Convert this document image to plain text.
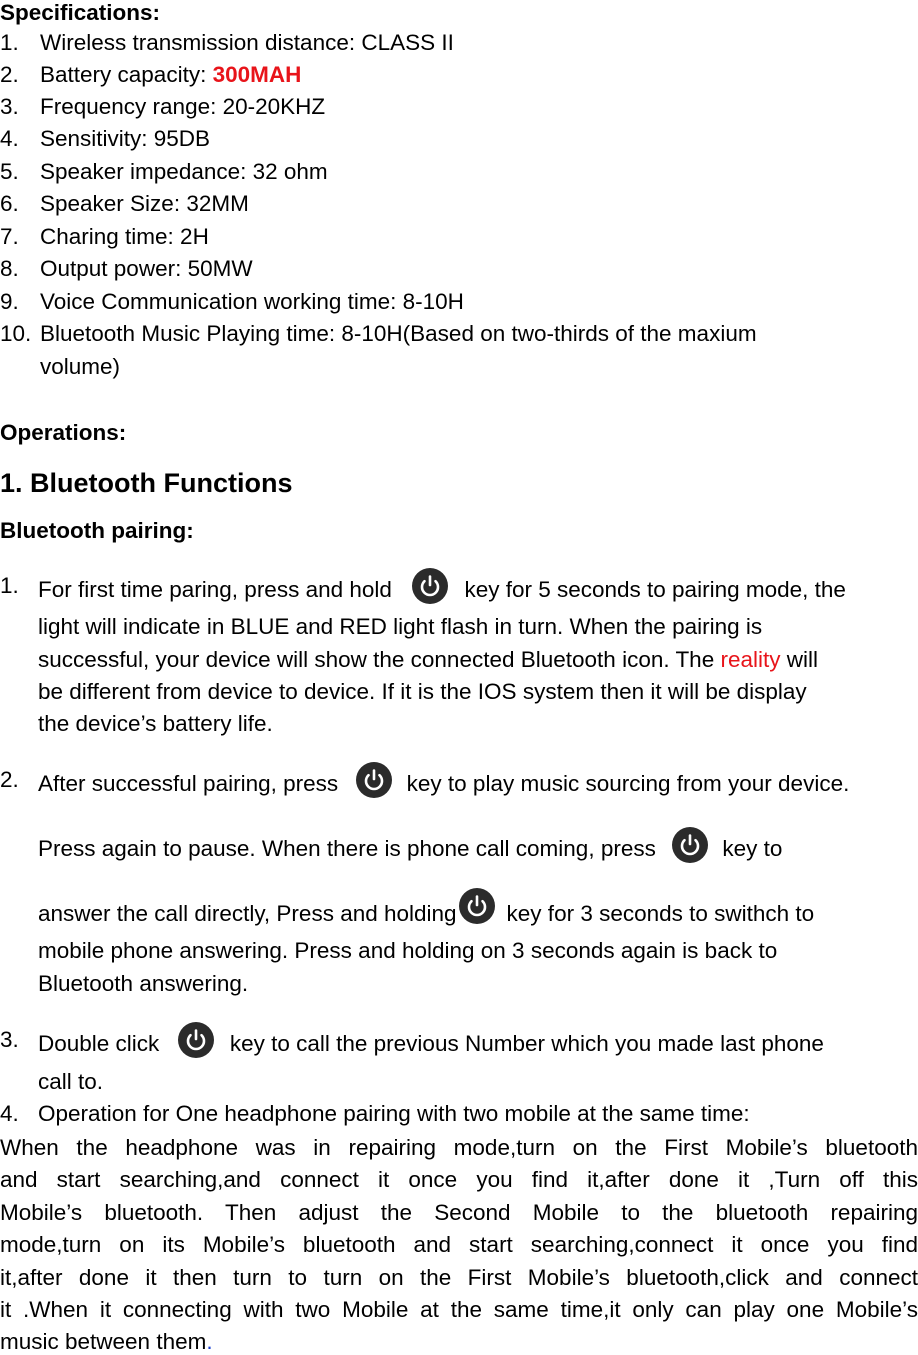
Specifications:
1. Wireless transmission distance: CLASS II
2. Battery capacity: 300MAH
3. Frequency range: 20-20KHZ
4. Sensitivity: 95DB
5. Speaker impedance: 32 ohm
6. Speaker Size: 32MM
7. Charing time: 2H
8. Output power: 50MW
9. Voice Communication working time: 8-10H
10. Bluetooth Music Playing time: 8-10H(Based on two-thirds of the maxium
volume)
Operations:
1. Bluetooth Functions
Bluetooth pairing:
1. For first time paring, press and hold	key for 5 seconds to pairing mode, the
light will indicate in BLUE and RED light flash in turn. When the pairing is
successful, your device will show the connected Bluetooth icon. The reality will
be different from device to device. If it is the IOS system then it will be display
the device’s battery life.
2. After successful pairing, press	key to play music sourcing from your device.
Press again to pause. When there is phone call coming, press	key to
answer the call directly, Press and holding key for 3 seconds to swithch to
mobile phone answering. Press and holding on 3 seconds again is back to
Bluetooth answering.
3. Double click	key to call the previous Number which you made last phone
call to.
4. Operation for One headphone pairing with two mobile at the same time:
When the headphone was in repairing mode,turn on the First Mobile’s bluetooth
and start searching,and connect it once you find it,after done it ,Turn off this
Mobile’s bluetooth. Then adjust the Second Mobile to the bluetooth repairing
mode,turn on its Mobile’s bluetooth and start searching,connect it once you find
it,after done it then turn to turn on the First Mobile’s bluetooth,click and connect
it .When it connecting with two Mobile at the same time,it only can play one Mobile’s
music between them.
